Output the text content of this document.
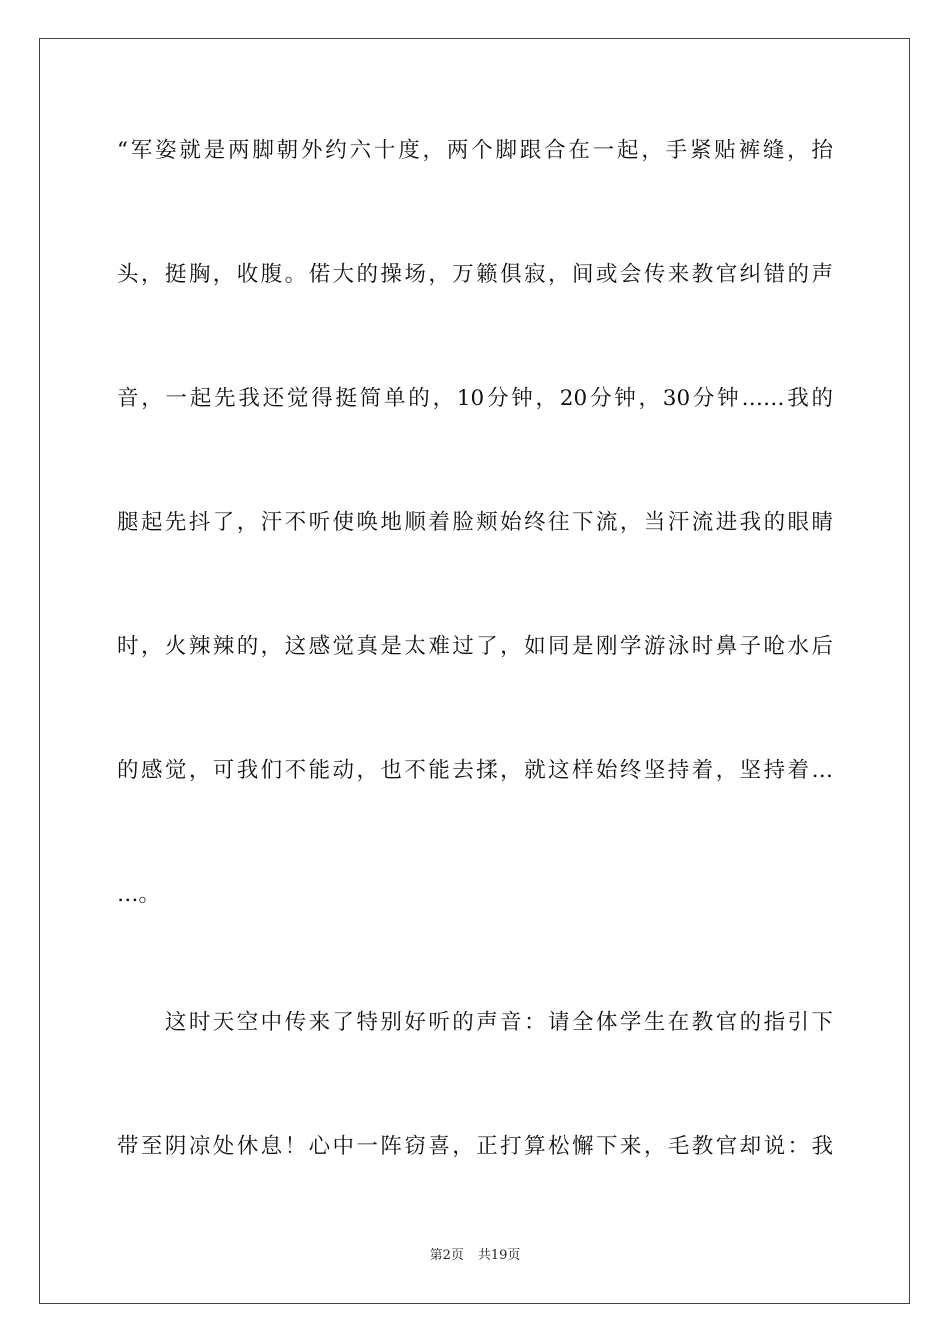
“军姿就是两脚朝外约六十度，两个脚跟合在一起，手紧贴裤缝，抬
头，挺胸，收腹。偌大的操场，万籁俱寂，间或会传来教官纠错的声
音，一起先我还觉得挺简单的，10分钟，20分钟，30分钟……我的
腿起先抖了，汗不听使唤地顺着脸颊始终往下流，当汗流进我的眼睛
时，火辣辣的，这感觉真是太难过了，如同是刚学游泳时鼻子呛水后
的感觉，可我们不能动，也不能去揉，就这样始终坚持着，坚持着…
…。
　　这时天空中传来了特别好听的声音：请全体学生在教官的指引下
带至阴凉处休息！心中一阵窃喜，正打算松懈下来，毛教官却说：我
第2页 共19页
